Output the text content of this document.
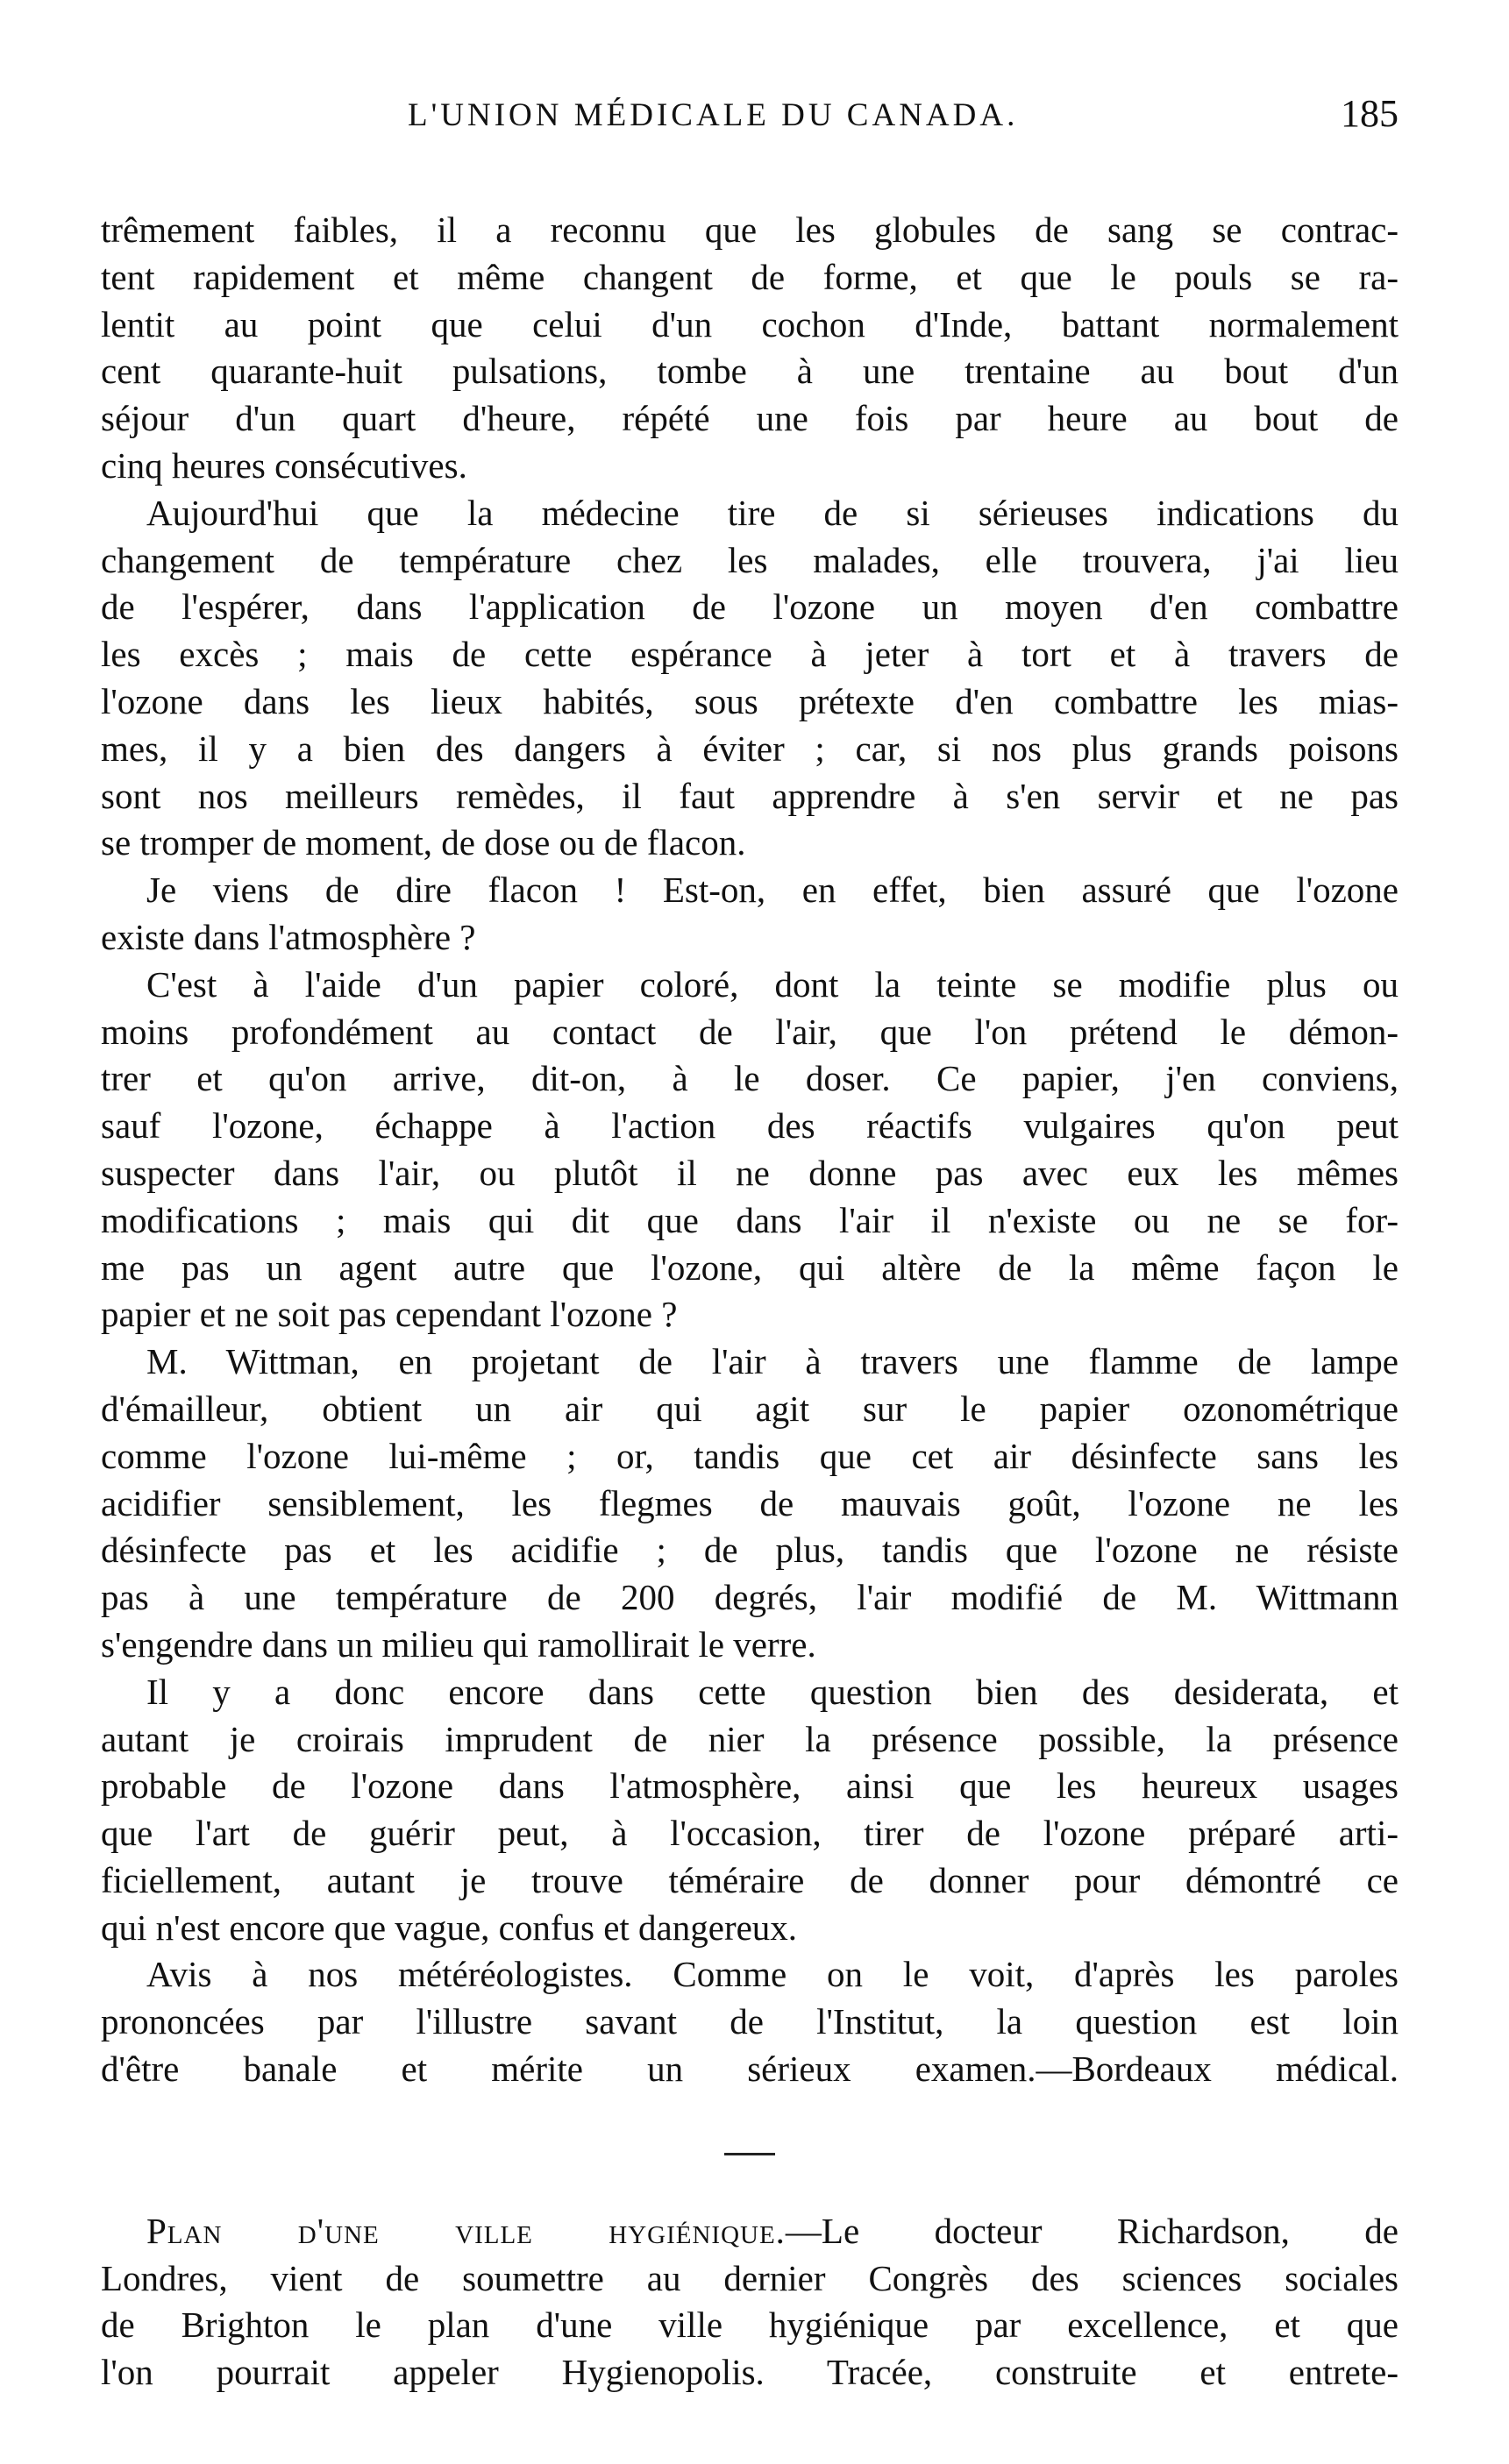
L'UNION MÉDICALE DU CANADA.	185
trêmement faibles, il a reconnu que les globules de sang se contrac-
tent rapidement et même changent de forme, et que le pouls se ra-
lentit au point que celui d'un cochon d'Inde, battant normalement
cent quarante-huit pulsations, tombe à une trentaine au bout d'un
séjour d'un quart d'heure, répété une fois par heure au bout de
cinq heures consécutives.
Aujourd'hui que la médecine tire de si sérieuses indications du
changement de température chez les malades, elle trouvera, j'ai lieu
de l'espérer, dans l'application de l'ozone un moyen d'en combattre
les excès ; mais de cette espérance à jeter à tort et à travers de
l'ozone dans les lieux habités, sous prétexte d'en combattre les mias-
mes, il y a bien des dangers à éviter ; car, si nos plus grands poisons
sont nos meilleurs remèdes, il faut apprendre à s'en servir et ne pas
se tromper de moment, de dose ou de flacon.
Je viens de dire flacon ! Est-on, en effet, bien assuré que l'ozone
existe dans l'atmosphère ?
C'est à l'aide d'un papier coloré, dont la teinte se modifie plus ou
moins profondément au contact de l'air, que l'on prétend le démon-
trer et qu'on arrive, dit-on, à le doser. Ce papier, j'en conviens,
sauf l'ozone, échappe à l'action des réactifs vulgaires qu'on peut
suspecter dans l'air, ou plutôt il ne donne pas avec eux les mêmes
modifications ; mais qui dit que dans l'air il n'existe ou ne se for-
me pas un agent autre que l'ozone, qui altère de la même façon le
papier et ne soit pas cependant l'ozone ?
M. Wittman, en projetant de l'air à travers une flamme de lampe
d'émailleur, obtient un air qui agit sur le papier ozonométrique
comme l'ozone lui-même ; or, tandis que cet air désinfecte sans les
acidifier sensiblement, les flegmes de mauvais goût, l'ozone ne les
désinfecte pas et les acidifie ; de plus, tandis que l'ozone ne résiste
pas à une température de 200 degrés, l'air modifié de M. Wittmann
s'engendre dans un milieu qui ramollirait le verre.
Il y a donc encore dans cette question bien des desiderata, et
autant je croirais imprudent de nier la présence possible, la présence
probable de l'ozone dans l'atmosphère, ainsi que les heureux usages
que l'art de guérir peut, à l'occasion, tirer de l'ozone préparé arti-
ficiellement, autant je trouve téméraire de donner pour démontré ce
qui n'est encore que vague, confus et dangereux.
Avis à nos météréologistes. Comme on le voit, d'après les paroles
prononcées par l'illustre savant de l'Institut, la question est loin
d'être banale et mérite un sérieux examen.—Bordeaux médical.
Plan d'une ville hygiénique.—Le docteur Richardson, de
Londres, vient de soumettre au dernier Congrès des sciences sociales
de Brighton le plan d'une ville hygiénique par excellence, et que
l'on pourrait appeler Hygienopolis. Tracée, construite et entrete-
